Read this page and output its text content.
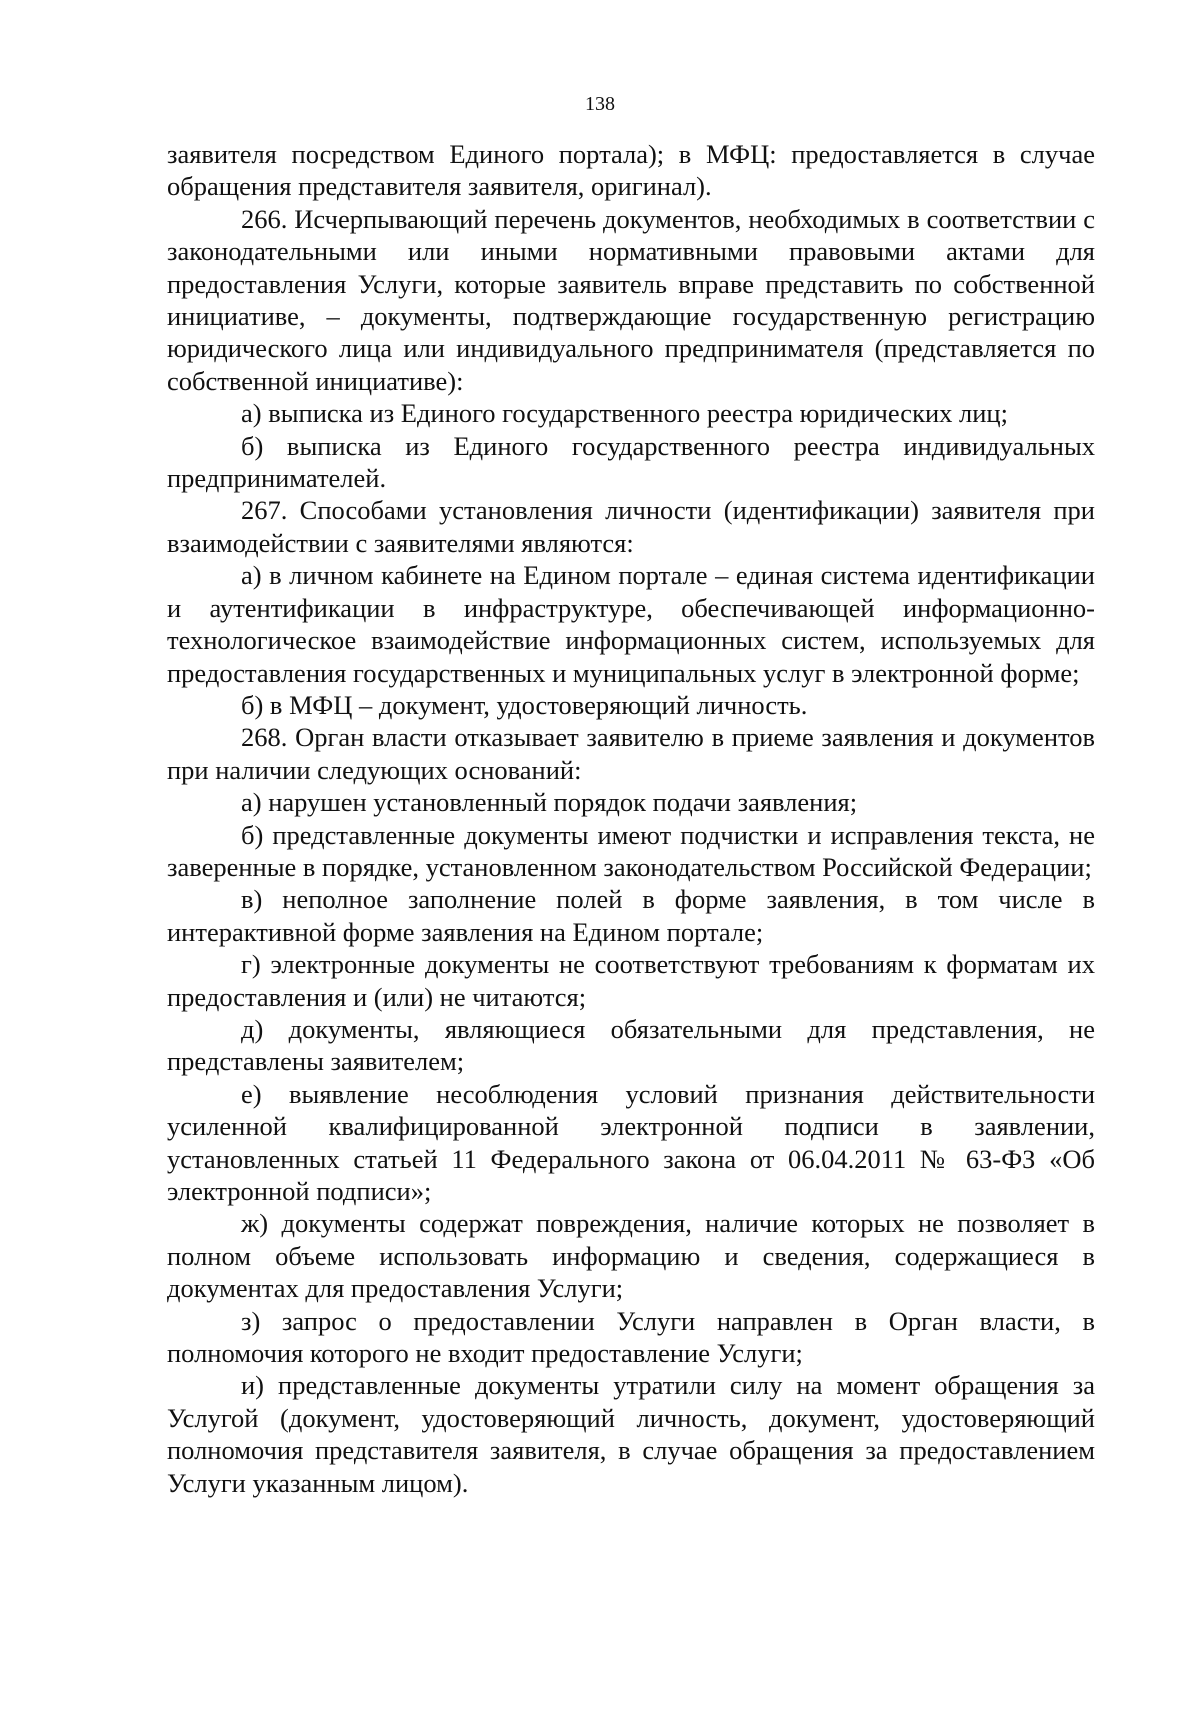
138

заявителя посредством Единого портала); в МФЦ: предоставляется в случае обращения представителя заявителя, оригинал).

266. Исчерпывающий перечень документов, необходимых в соответствии с законодательными или иными нормативными правовыми актами для предоставления Услуги, которые заявитель вправе представить по собственной инициативе, – документы, подтверждающие государственную регистрацию юридического лица или индивидуального предпринимателя (представляется по собственной инициативе):

а) выписка из Единого государственного реестра юридических лиц;

б) выписка из Единого государственного реестра индивидуальных предпринимателей.

267. Способами установления личности (идентификации) заявителя при взаимодействии с заявителями являются:

а) в личном кабинете на Едином портале – единая система идентификации и аутентификации в инфраструктуре, обеспечивающей информационно-технологическое взаимодействие информационных систем, используемых для предоставления государственных и муниципальных услуг в электронной форме;

б) в МФЦ – документ, удостоверяющий личность.

268. Орган власти отказывает заявителю в приеме заявления и документов при наличии следующих оснований:

а) нарушен установленный порядок подачи заявления;

б) представленные документы имеют подчистки и исправления текста, не заверенные в порядке, установленном законодательством Российской Федерации;

в) неполное заполнение полей в форме заявления, в том числе в интерактивной форме заявления на Едином портале;

г) электронные документы не соответствуют требованиям к форматам их предоставления и (или) не читаются;

д) документы, являющиеся обязательными для представления, не представлены заявителем;

е) выявление несоблюдения условий признания действительности усиленной квалифицированной электронной подписи в заявлении, установленных статьей 11 Федерального закона от 06.04.2011 № 63-ФЗ «Об электронной подписи»;

ж) документы содержат повреждения, наличие которых не позволяет в полном объеме использовать информацию и сведения, содержащиеся в документах для предоставления Услуги;

з) запрос о предоставлении Услуги направлен в Орган власти, в полномочия которого не входит предоставление Услуги;

и) представленные документы утратили силу на момент обращения за Услугой (документ, удостоверяющий личность, документ, удостоверяющий полномочия представителя заявителя, в случае обращения за предоставлением Услуги указанным лицом).
